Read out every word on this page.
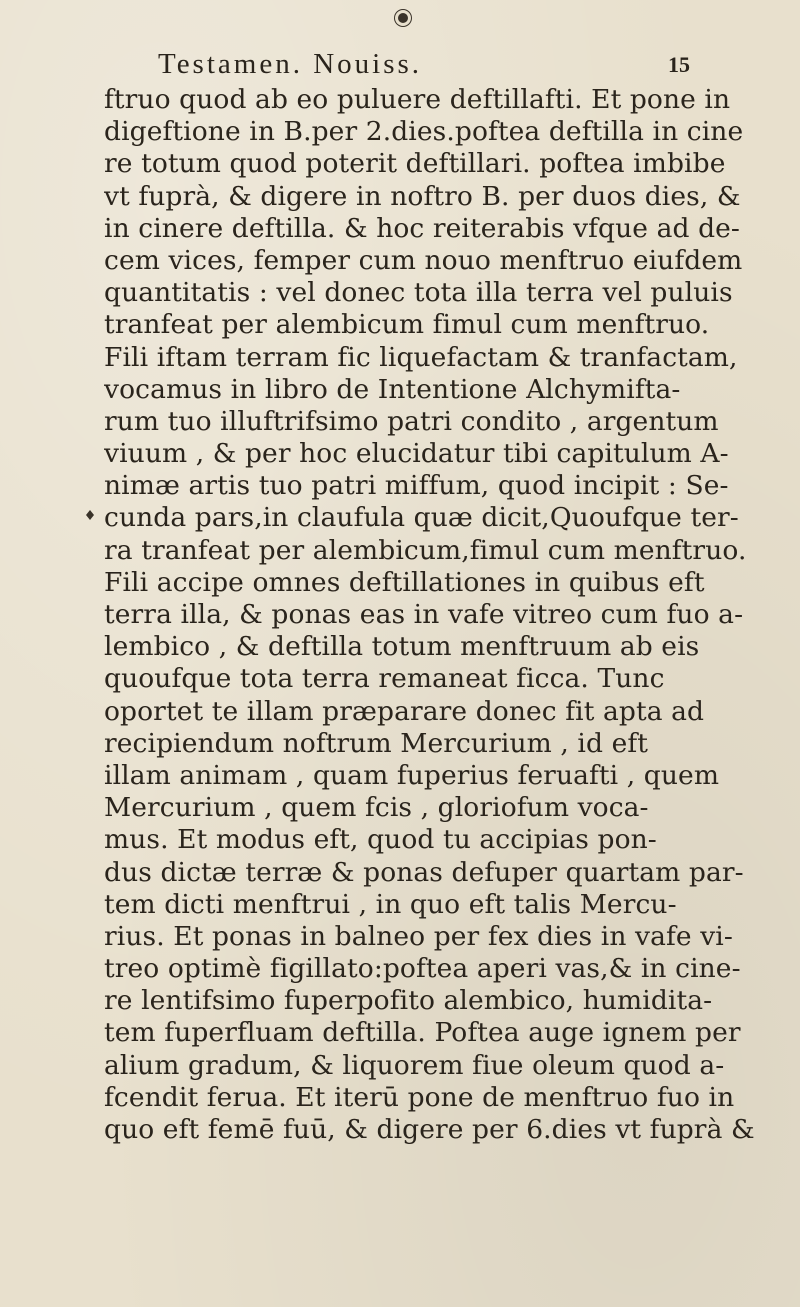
Testamen. Nouiss.	15
ftruo quod ab eo puluere deftillafti. Et pone in
digeftione in B.per 2.dies.poftea deftilla in cine
re totum quod poterit deftillari. poftea imbibe
vt fuprà, & digere in noftro B. per duos dies, &
in cinere deftilla. & hoc reiterabis vfque ad de-
cem vices, femper cum nouo menftruo eiufdem
quantitatis : vel donec tota illa terra vel puluis
tranfeat per alembicum fimul cum menftruo.
Fili iftam terram fic liquefactam & tranfactam,
vocamus in libro de Intentione Alchymifta-
rum tuo illuftrifsimo patri condito , argentum
viuum , & per hoc elucidatur tibi capitulum A-
nimæ artis tuo patri miffum, quod incipit : Se-
cunda pars,in claufula quæ dicit,Quoufque ter-
ra tranfeat per alembicum,fimul cum menftruo.
Fili accipe omnes deftillationes in quibus eft
terra illa, & ponas eas in vafe vitreo cum fuo a-
lembico , & deftilla totum menftruum ab eis
quoufque tota terra remaneat ficca. Tunc
oportet te illam præparare donec fit apta ad
recipiendum noftrum Mercurium , id eft
illam animam , quam fuperius feruafti , quem
Mercurium , quem fcis , gloriofum voca-
mus. Et modus eft, quod tu accipias pon-
dus dictæ terræ & ponas defuper quartam par-
tem dicti menftrui , in quo eft talis Mercu-
rius. Et ponas in balneo per fex dies in vafe vi-
treo optimè figillato:poftea aperi vas,& in cine-
re lentifsimo fuperpofito alembico, humidita-
tem fuperfluam deftilla. Poftea auge ignem per
alium gradum, & liquorem fiue oleum quod a-
fcendit ferua. Et iterū pone de menftruo fuo in
quo eft femē fuū, & digere per 6.dies vt fuprà &
